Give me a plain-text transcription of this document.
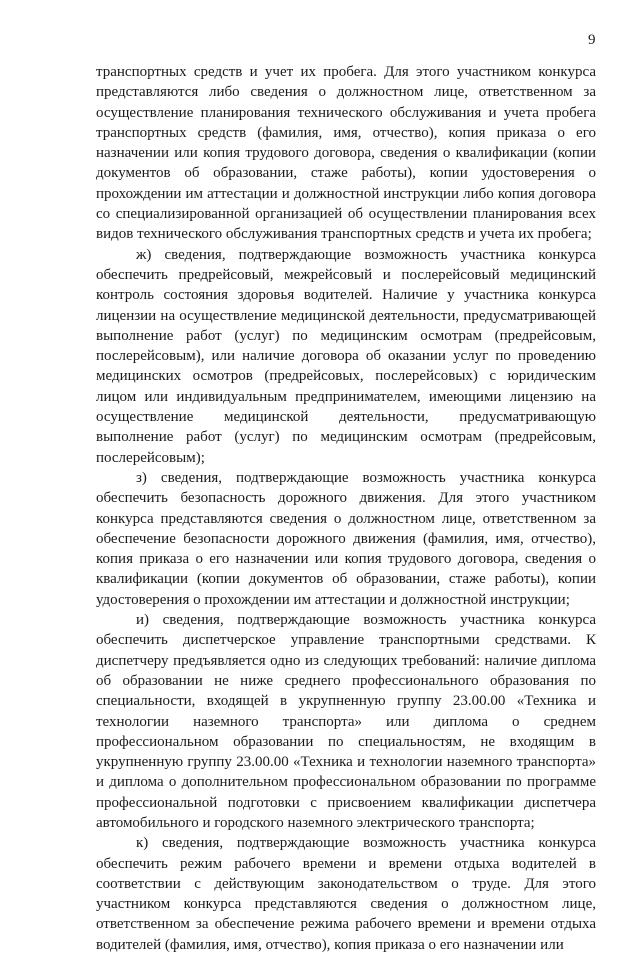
9

транспортных средств и учет их пробега. Для этого участником конкурса представляются либо сведения о должностном лице, ответственном за осуществление планирования технического обслуживания и учета пробега транспортных средств (фамилия, имя, отчество), копия приказа о его назначении или копия трудового договора, сведения о квалификации (копии документов об образовании, стаже работы), копии удостоверения о прохождении им аттестации и должностной инструкции либо копия договора со специализированной организацией об осуществлении планирования всех видов технического обслуживания транспортных средств и учета их пробега;

ж) сведения, подтверждающие возможность участника конкурса обеспечить предрейсовый, межрейсовый и послерейсовый медицинский контроль состояния здоровья водителей. Наличие у участника конкурса лицензии на осуществление медицинской деятельности, предусматривающей выполнение работ (услуг) по медицинским осмотрам (предрейсовым, послерейсовым), или наличие договора об оказании услуг по проведению медицинских осмотров (предрейсовых, послерейсовых) с юридическим лицом или индивидуальным предпринимателем, имеющими лицензию на осуществление медицинской деятельности, предусматривающую выполнение работ (услуг) по медицинским осмотрам (предрейсовым, послерейсовым);

з) сведения, подтверждающие возможность участника конкурса обеспечить безопасность дорожного движения. Для этого участником конкурса представляются сведения о должностном лице, ответственном за обеспечение безопасности дорожного движения (фамилия, имя, отчество), копия приказа о его назначении или копия трудового договора, сведения о квалификации (копии документов об образовании, стаже работы), копии удостоверения о прохождении им аттестации и должностной инструкции;

и) сведения, подтверждающие возможность участника конкурса обеспечить диспетчерское управление транспортными средствами. К диспетчеру предъявляется одно из следующих требований: наличие диплома об образовании не ниже среднего профессионального образования по специальности, входящей в укрупненную группу 23.00.00 «Техника и технологии наземного транспорта» или диплома о среднем профессиональном образовании по специальностям, не входящим в укрупненную группу 23.00.00 «Техника и технологии наземного транспорта» и диплома о дополнительном профессиональном образовании по программе профессиональной подготовки с присвоением квалификации диспетчера автомобильного и городского наземного электрического транспорта;

к) сведения, подтверждающие возможность участника конкурса обеспечить режим рабочего времени и времени отдыха водителей в соответствии с действующим законодательством о труде. Для этого участником конкурса представляются сведения о должностном лице, ответственном за обеспечение режима рабочего времени и времени отдыха водителей (фамилия, имя, отчество), копия приказа о его назначении или
